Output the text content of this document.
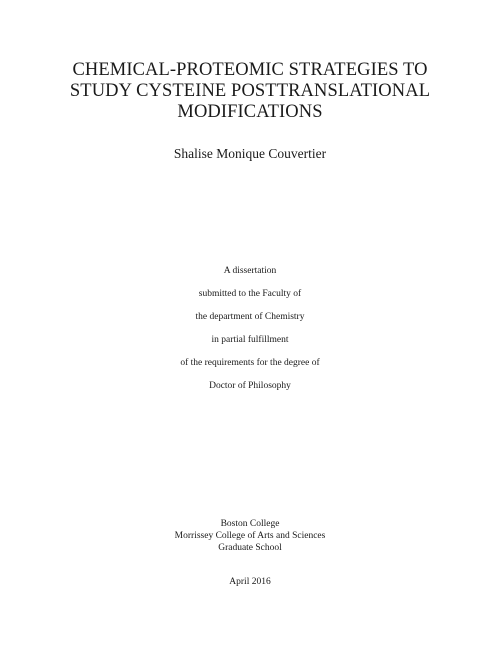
CHEMICAL-PROTEOMIC STRATEGIES TO
STUDY CYSTEINE POSTTRANSLATIONAL
MODIFICATIONS
Shalise Monique Couvertier
A dissertation
submitted to the Faculty of
the department of Chemistry
in partial fulfillment
of the requirements for the degree of
Doctor of Philosophy
Boston College
Morrissey College of Arts and Sciences
Graduate School
April 2016
